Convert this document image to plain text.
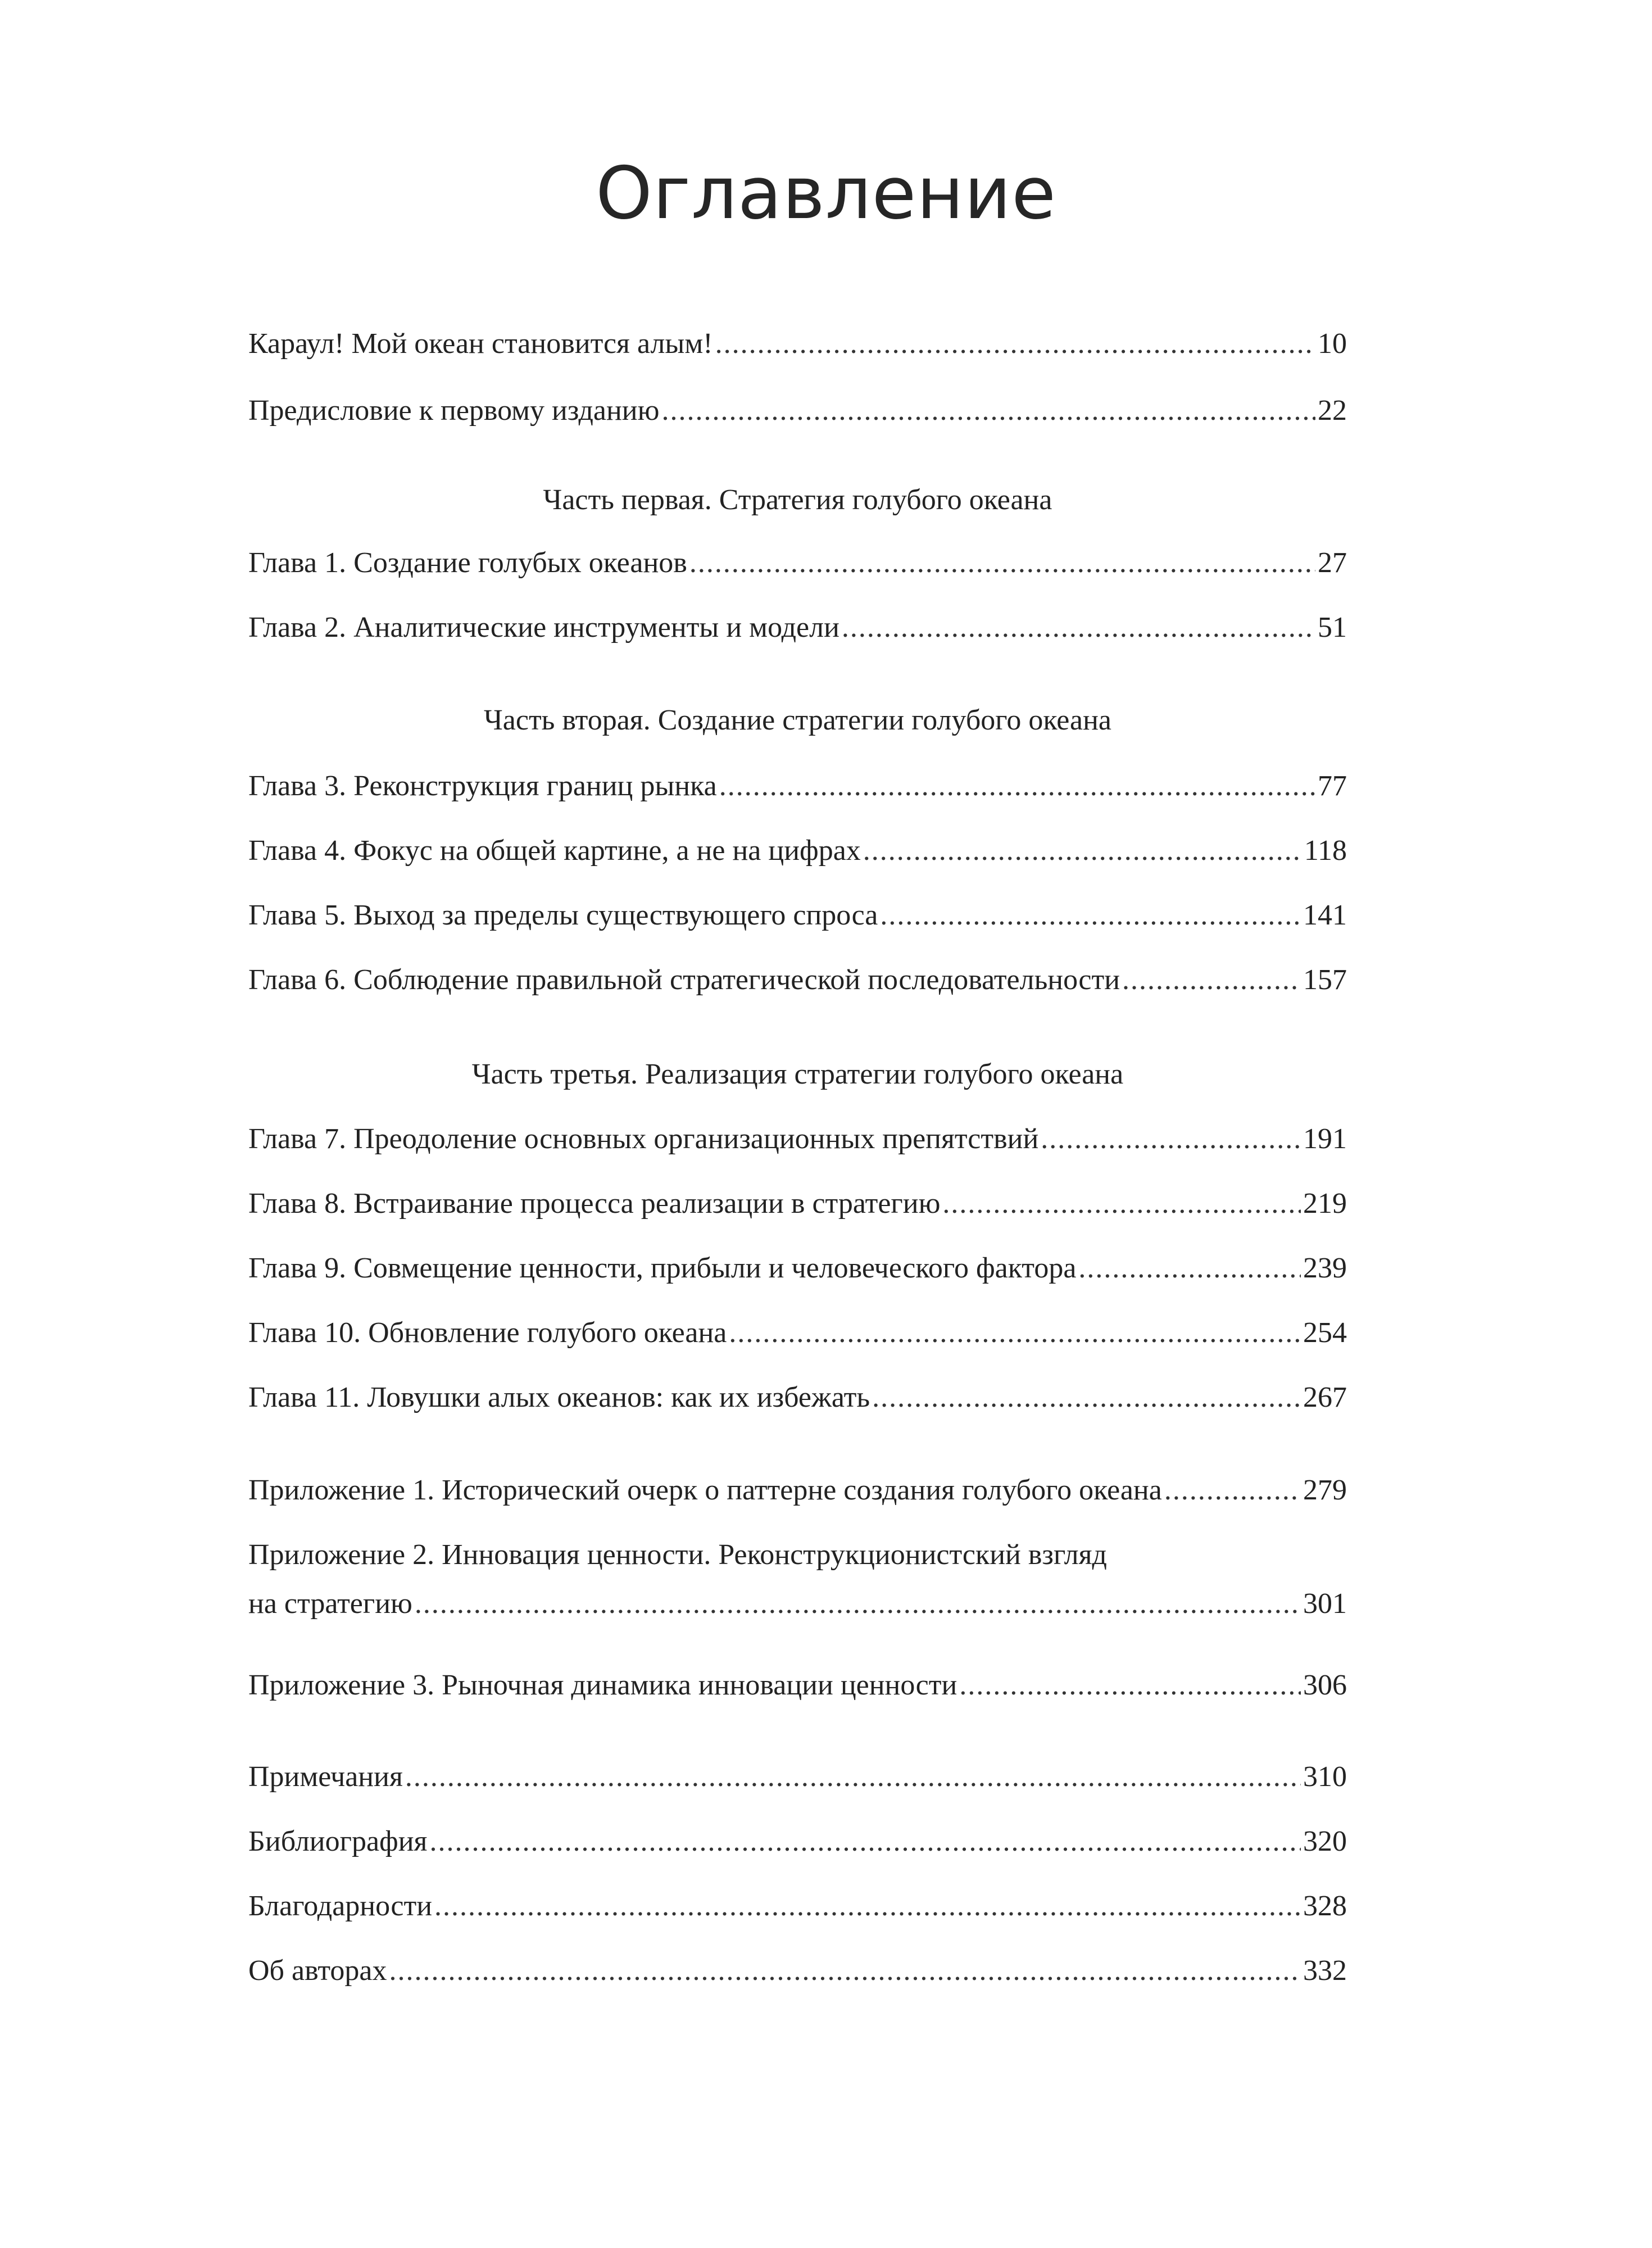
Оглавление
Караул! Мой океан становится алым! .....	10
Предисловие к первому изданию .....	22
Часть первая. Стратегия голубого океана
Глава 1. Создание голубых океанов .....	27
Глава 2. Аналитические инструменты и модели .....	51
Часть вторая. Создание стратегии голубого океана
Глава 3. Реконструкция границ рынка .....	77
Глава 4. Фокус на общей картине, а не на цифрах .....	118
Глава 5. Выход за пределы существующего спроса .....	141
Глава 6. Соблюдение правильной стратегической последовательности .....	157
Часть третья. Реализация стратегии голубого океана
Глава 7. Преодоление основных организационных препятствий .....	191
Глава 8. Встраивание процесса реализации в стратегию .....	219
Глава 9. Совмещение ценности, прибыли и человеческого фактора .....	239
Глава 10. Обновление голубого океана .....	254
Глава 11. Ловушки алых океанов: как их избежать .....	267
Приложение 1. Исторический очерк о паттерне создания голубого океана .....	279
Приложение 2. Инновация ценности. Реконструкционистский взгляд
на стратегию .....	301
Приложение 3. Рыночная динамика инновации ценности .....	306
Примечания .....	310
Библиография .....	320
Благодарности .....	328
Об авторах .....	332
